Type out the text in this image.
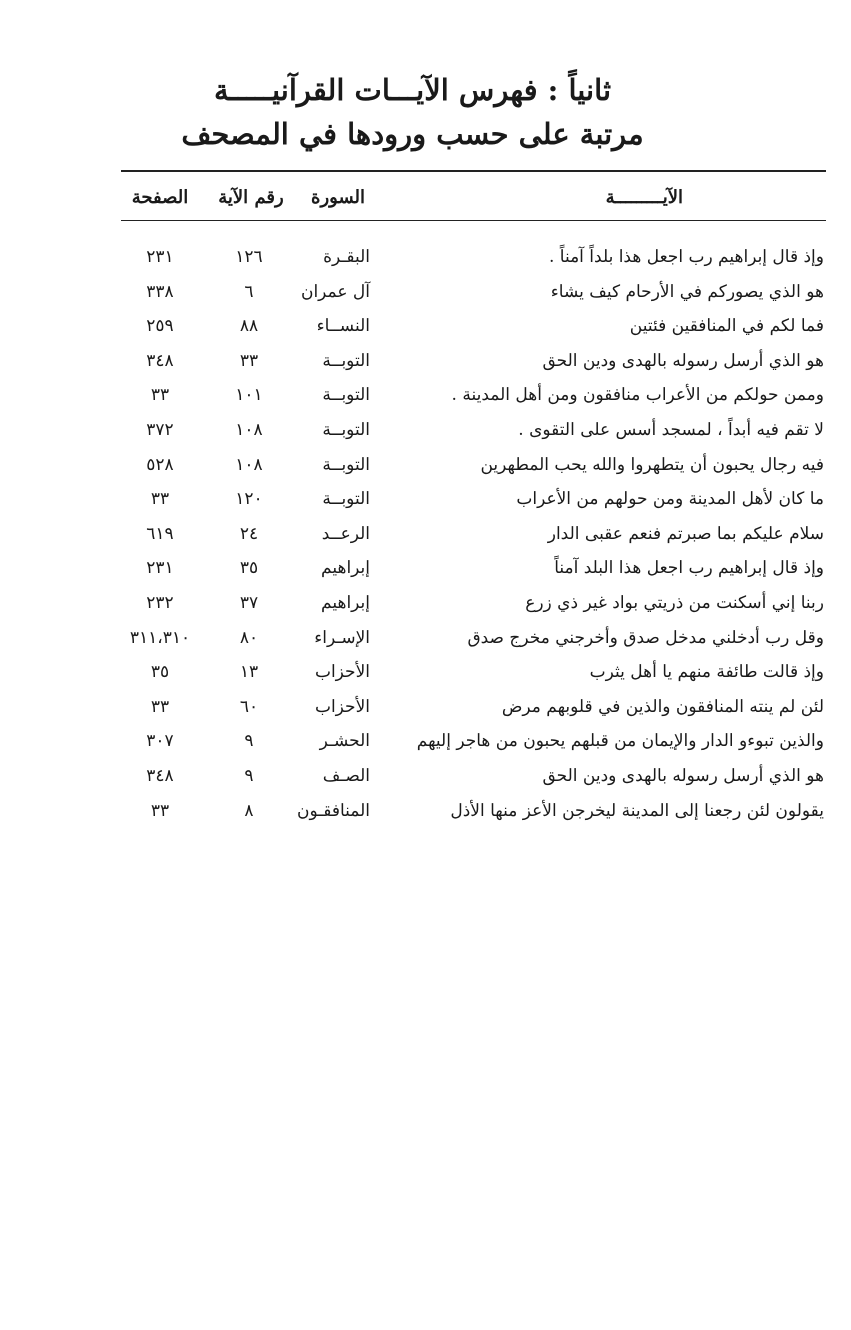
ثانياً : فهرس الآيـــات القرآنيـــــة
مرتبة على حسب ورودها في المصحف
الآيـــــــــة
السورة
رقم الآية
الصفحة
وإذ قال إبراهيم رب اجعل هذا بلداً آمناً .
البقـرة
١٢٦
٢٣١
هو الذي يصوركم في الأرحام كيف يشاء
آل عمران
٦
٣٣٨
فما لكم في المنافقين فئتين
النســاء
٨٨
٢٥٩
هو الذي أرسل رسوله بالهدى ودين الحق
التوبــة
٣٣
٣٤٨
وممن حولكم من الأعراب منافقون ومن أهل المدينة .
التوبــة
١٠١
٣٣
لا تقم فيه أبداً ، لمسجد أسس على التقوى .
التوبــة
١٠٨
٣٧٢
فيه رجال يحبون أن يتطهروا والله يحب المطهرين
التوبــة
١٠٨
٥٢٨
ما كان لأهل المدينة ومن حولهم من الأعراب
التوبــة
١٢٠
٣٣
سلام عليكم بما صبرتم فنعم عقبى الدار
الرعــد
٢٤
٦١٩
وإذ قال إبراهيم رب اجعل هذا البلد آمناً
إبراهيم
٣٥
٢٣١
ربنا إني أسكنت من ذريتي بواد غير ذي زرع
إبراهيم
٣٧
٢٣٢
وقل رب أدخلني مدخل صدق وأخرجني مخرج صدق
الإسـراء
٨٠
٣١١،٣١٠
وإذ قالت طائفة منهم يا أهل يثرب
الأحزاب
١٣
٣٥
لئن لم ينته المنافقون والذين في قلوبهم مرض
الأحزاب
٦٠
٣٣
والذين تبوءو الدار والإيمان من قبلهم يحبون من هاجر إليهم
الحشـر
٩
٣٠٧
هو الذي أرسل رسوله بالهدى ودين الحق
الصـف
٩
٣٤٨
يقولون لئن رجعنا إلى المدينة ليخرجن الأعز منها الأذل
المنافقـون
٨
٣٣
